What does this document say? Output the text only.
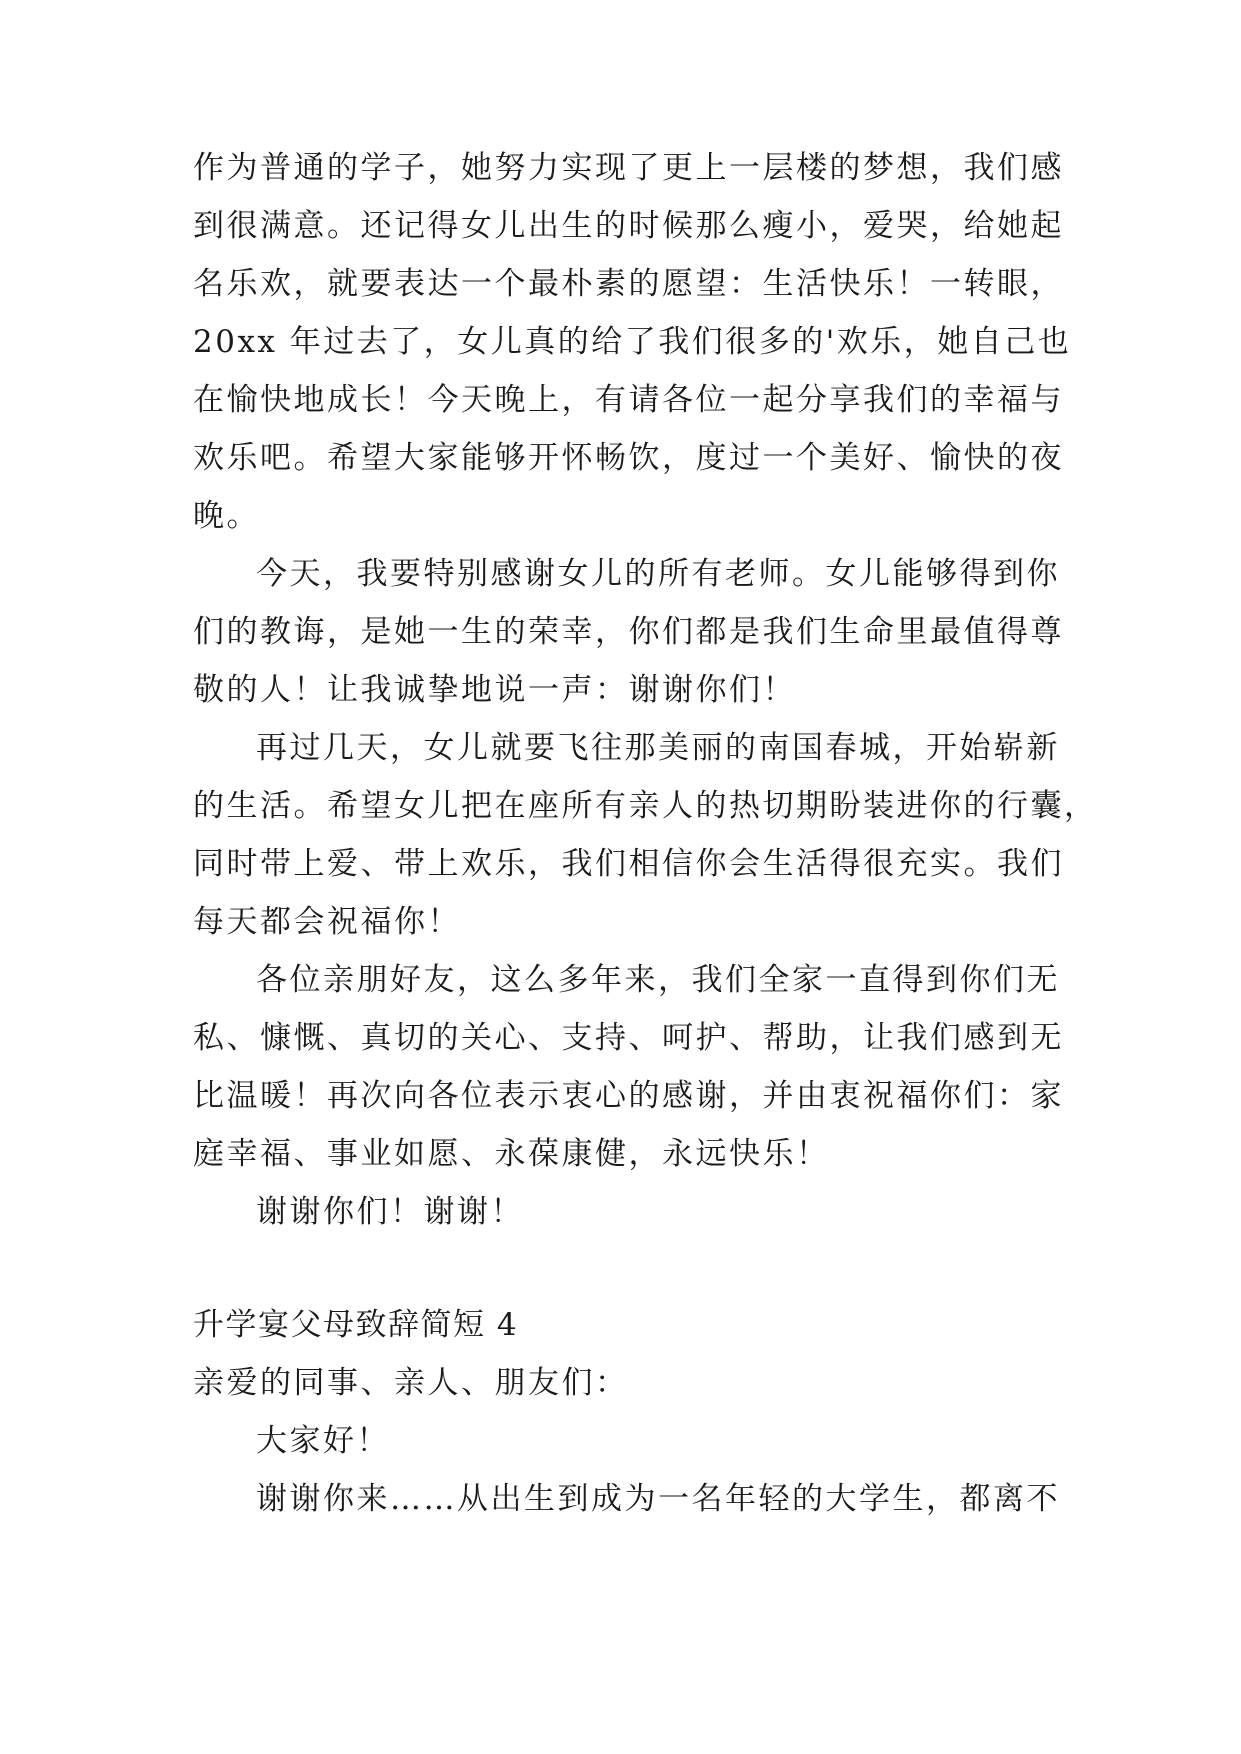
作为普通的学子，她努力实现了更上一层楼的梦想，我们感
到很满意。还记得女儿出生的时候那么瘦小，爱哭，给她起
名乐欢，就要表达一个最朴素的愿望：生活快乐！一转眼，
20xx 年过去了，女儿真的给了我们很多的'欢乐，她自己也
在愉快地成长！今天晚上，有请各位一起分享我们的幸福与
欢乐吧。希望大家能够开怀畅饮，度过一个美好、愉快的夜
晚。
今天，我要特别感谢女儿的所有老师。女儿能够得到你
们的教诲，是她一生的荣幸，你们都是我们生命里最值得尊
敬的人！让我诚挚地说一声：谢谢你们！
再过几天，女儿就要飞往那美丽的南国春城，开始崭新
的生活。希望女儿把在座所有亲人的热切期盼装进你的行囊，
同时带上爱、带上欢乐，我们相信你会生活得很充实。我们
每天都会祝福你！
各位亲朋好友，这么多年来，我们全家一直得到你们无
私、慷慨、真切的关心、支持、呵护、帮助，让我们感到无
比温暖！再次向各位表示衷心的感谢，并由衷祝福你们：家
庭幸福、事业如愿、永葆康健，永远快乐！
谢谢你们！谢谢！
升学宴父母致辞简短 4
亲爱的同事、亲人、朋友们：
大家好！
谢谢你来……从出生到成为一名年轻的大学生，都离不
